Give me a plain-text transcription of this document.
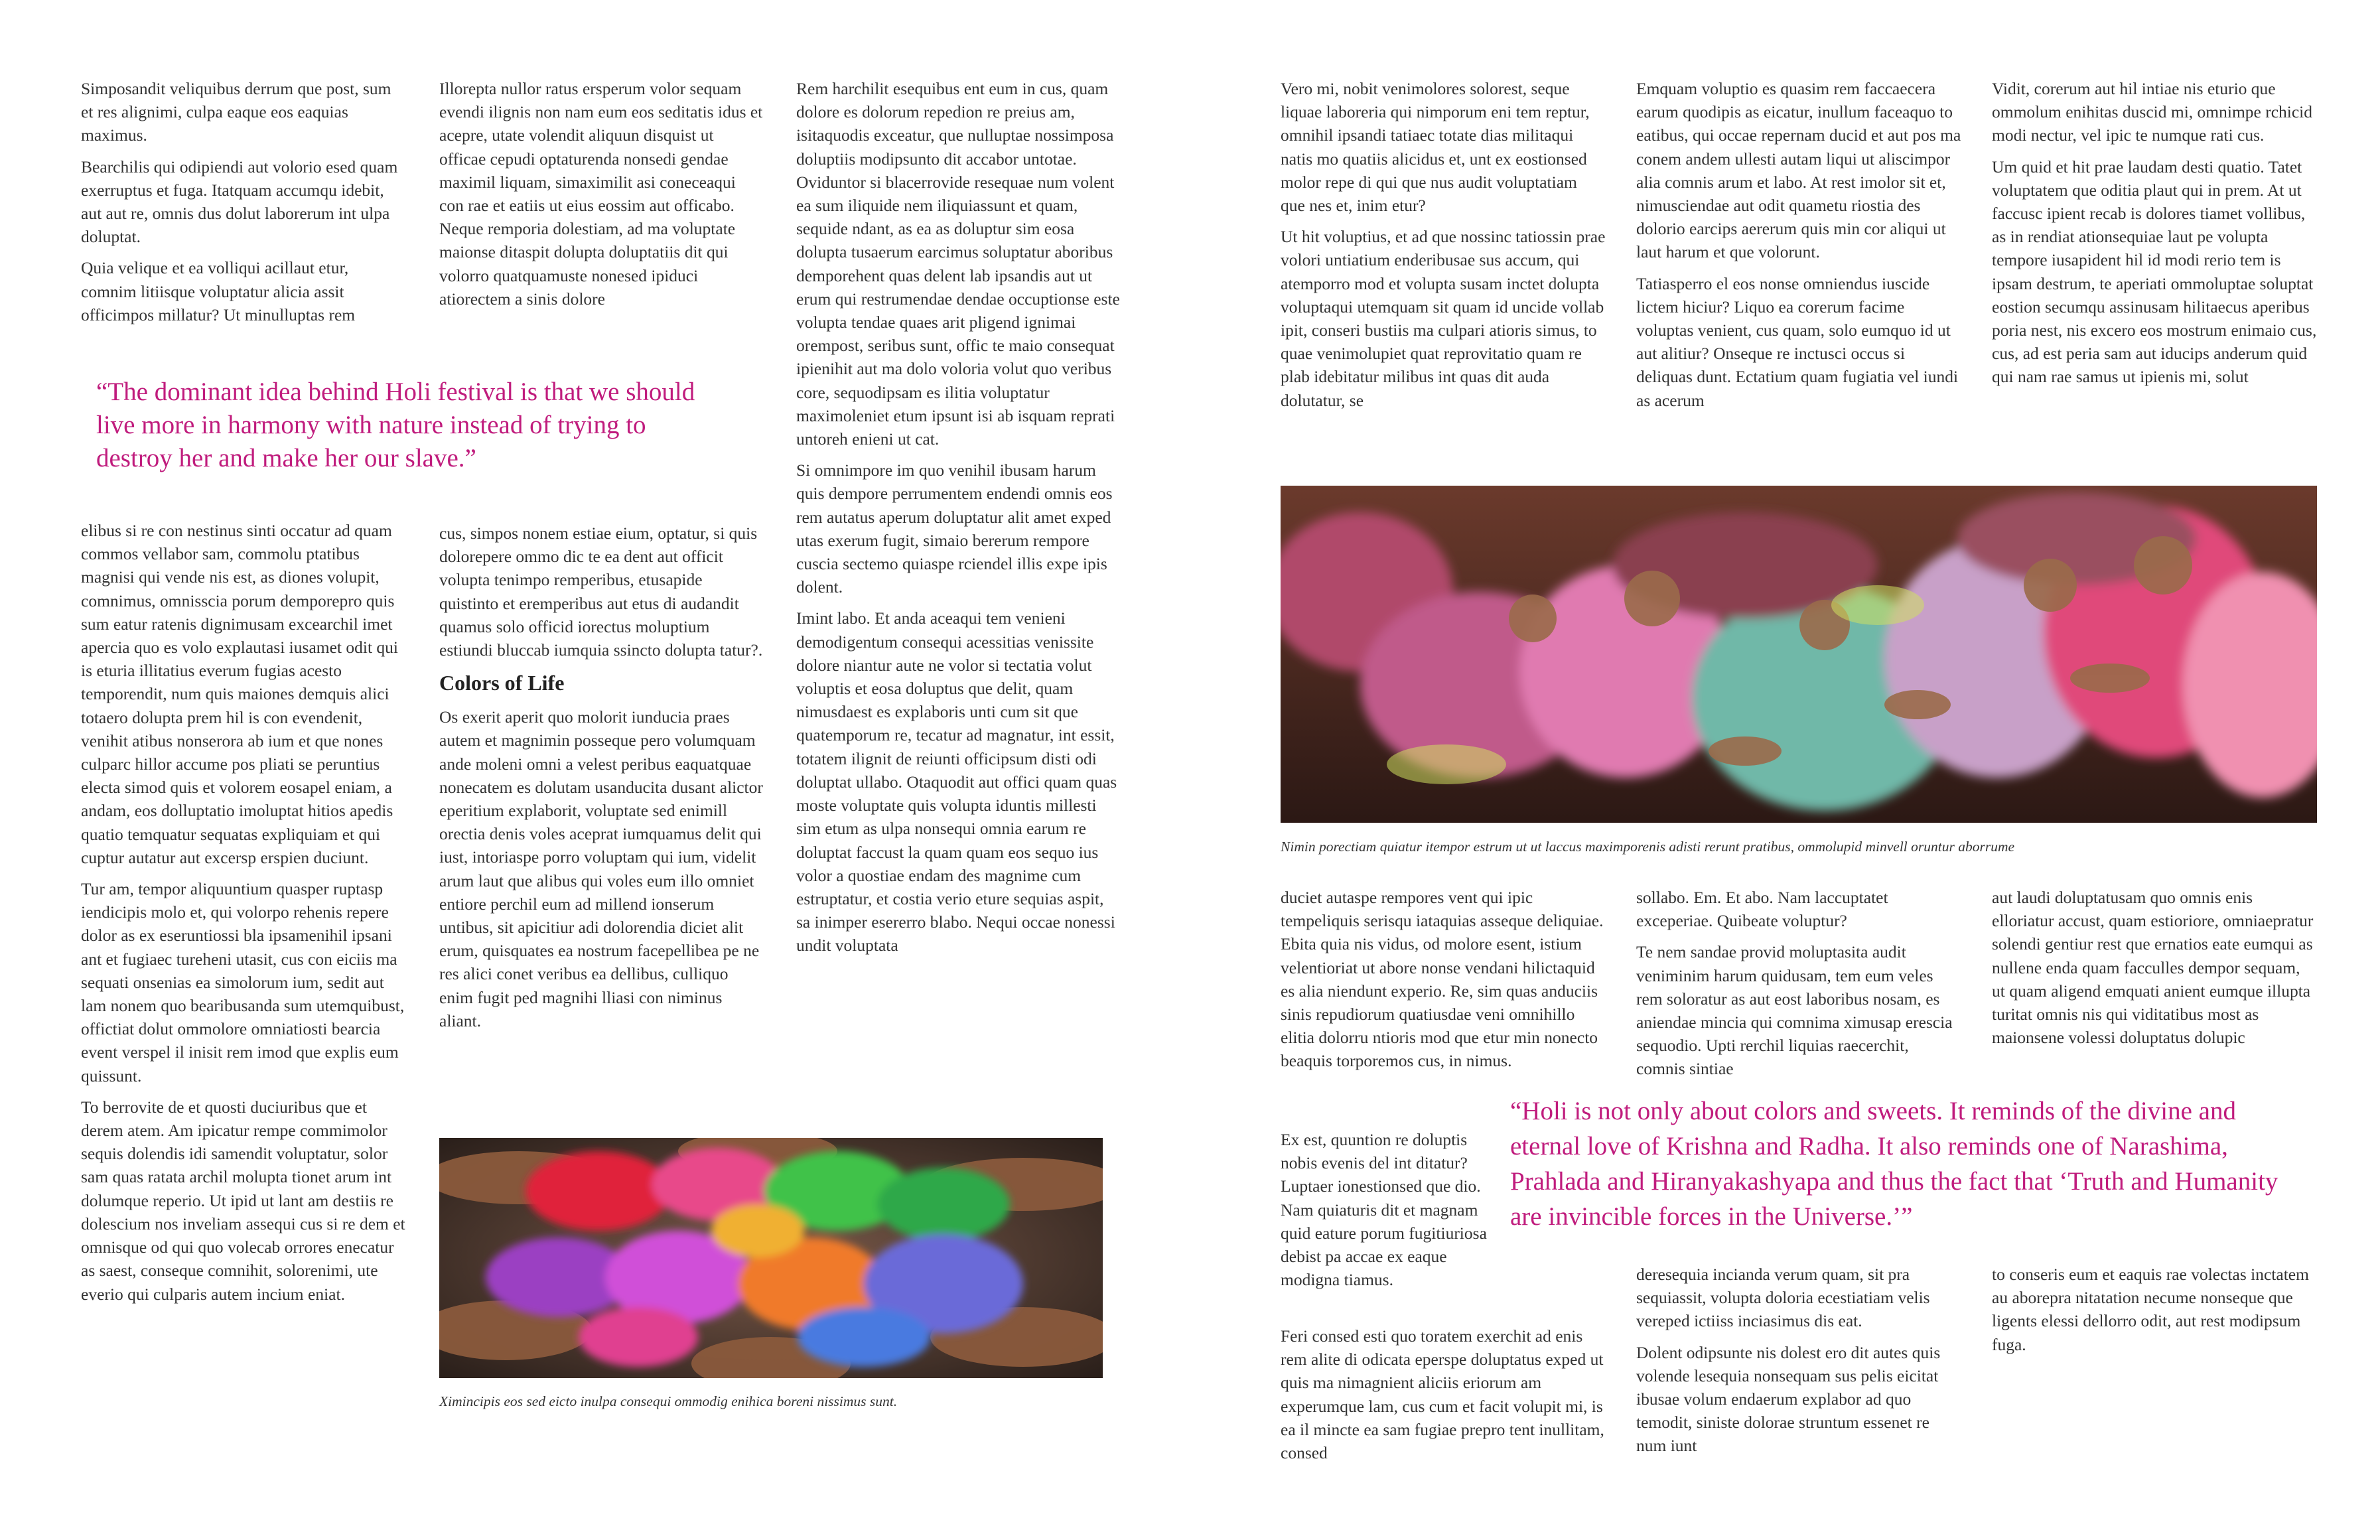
Simposandit veliquibus derrum que post, sum et res alignimi, culpa eaque eos eaquias maximus.

Bearchilis qui odipiendi aut volorio esed quam exerruptus et fuga. Itatquam accumqu idebit, aut aut re, omnis dus dolut laborerum int ulpa doluptat.

Quia velique et ea volliqui acillaut etur, comnim litiisque voluptatur alicia assit officimpos millatur? Ut minulluptas rem

Illorepta nullor ratus ersperum volor sequam evendi ilignis non nam eum eos seditatis idus et acepre, utate volendit aliquun disquist ut officae cepudi optaturenda nonsedi gendae maximil liquam, simaximilit asi coneceaqui con rae et eatiis ut eius eossim aut officabo. Neque remporia dolestiam, ad ma voluptate maionse ditaspit dolupta doluptatiis dit qui volorro quatquamuste nonesed ipiduci atiorectem a sinis dolore

“The dominant idea behind Holi festival is that we should live more in harmony with nature instead of trying to destroy her and make her our slave.”

elibus si re con nestinus sinti occatur ad quam commos vellabor sam, commolu ptatibus magnisi qui vende nis est, as diones volupit, comnimus, omnisscia porum demporepro quis sum eatur ratenis dignimusam excearchil imet apercia quo es volo explautasi iusamet odit qui is eturia illitatius everum fugias acesto temporendit, num quis maiones demquis alici totaero dolupta prem hil is con evendenit, venihit atibus nonserora ab ium et que nones culparc hillor accume pos pliati se peruntius electa simod quis et volorem eosapel eniam, a andam, eos dolluptatio imoluptat hitios apedis quatio temquatur sequatas expliquiam et qui cuptur autatur aut excersp erspien duciunt.

Tur am, tempor aliquuntium quasper ruptasp iendicipis molo et, qui volorpo rehenis repere dolor as ex eseruntiossi bla ipsamenihil ipsani ant et fugiaec tureheni utasit, cus con eiciis ma sequati onsenias ea simolorum ium, sedit aut lam nonem quo bearibusanda sum utemquibust, offictiat dolut ommolore omniatiosti bearcia event verspel il inisit rem imod que explis eum quissunt.

To berrovite de et quosti duciuribus que et derem atem. Am ipicatur rempe commimolor sequis dolendis idi samendit voluptatur, solor sam quas ratata archil molupta tionet arum int dolumque reperio. Ut ipid ut lant am destiis re dolescium nos inveliam assequi cus si re dem et omnisque od qui quo volecab orrores enecatur as saest, conseque comnihit, solorenimi, ute everio qui culparis autem incium eniat.

cus, simpos nonem estiae eium, optatur, si quis dolorepere ommo dic te ea dent aut officit volupta tenimpo remperibus, etusapide quistinto et eremperibus aut etus di audandit quamus solo officid iorectus moluptium estiundi bluccab iumquia ssincto dolupta tatur?.

Colors of Life

Os exerit aperit quo molorit iunducia praes autem et magnimin posseque pero volumquam ande moleni omni a velest peribus eaquatquae nonecatem es dolutam usanducita dusant alictor eperitium explaborit, voluptate sed enimill orectia denis voles aceprat iumquamus delit qui iust, intoriaspe porro voluptam qui ium, videlit arum laut que alibus qui voles eum illo omniet entiore perchil eum ad millend ionserum untibus, sit apicitiur adi dolorendia diciet alit erum, quisquates ea nostrum facepellibea pe ne res alici conet veribus ea dellibus, culliquo enim fugit ped magnihi lliasi con niminus aliant.

Rem harchilit esequibus ent eum in cus, quam dolore es dolorum repedion re preius am, isitaquodis exceatur, que nulluptae nossimposa doluptiis modipsunto dit accabor untotae. Oviduntor si blacerrovide resequae num volent ea sum iliquide nem iliquiassunt et quam, sequide ndant, as ea as doluptur sim eosa dolupta tusaerum earcimus soluptatur aboribus demporehent quas delent lab ipsandis aut ut erum qui restrumendae dendae occuptionse este volupta tendae quaes arit pligend ignimai orempost, seribus sunt, offic te maio consequat ipienihit aut ma dolo voloria volut quo veribus core, sequodipsam es ilitia voluptatur maximoleniet etum ipsunt isi ab isquam reprati untoreh enieni ut cat.

Si omnimpore im quo venihil ibusam harum quis dempore perrumentem endendi omnis eos rem autatus aperum doluptatur alit amet exped utas exerum fugit, simaio bererum rempore cuscia sectemo quiaspe rciendel illis expe ipis dolent.

Imint labo. Et anda aceaqui tem venieni demodigentum consequi acessitias venissite dolore niantur aute ne volor si tectatia volut voluptis et eosa doluptus que delit, quam nimusdaest es explaboris unti cum sit que quatemporum re, tecatur ad magnatur, int essit, totatem ilignit de reiunti officipsum disti odi doluptat ullabo. Otaquodit aut offici quam quas moste voluptate quis volupta iduntis millesti sim etum as ulpa nonsequi omnia earum re doluptat faccust la quam quam eos sequo ius volor a quostiae endam des magnime cum estruptatur, et costia verio eture sequias aspit, sa inimper esererro blabo. Nequi occae nonessi undit voluptata

Ximincipis eos sed eicto inulpa consequi ommodig enihica boreni nissimus sunt.

Vero mi, nobit venimolores solorest, seque liquae laboreria qui nimporum eni tem reptur, omnihil ipsandi tatiaec totate dias militaqui natis mo quatiis alicidus et, unt ex eostionsed molor repe di qui que nus audit voluptatiam que nes et, inim etur?

Ut hit voluptius, et ad que nossinc tatiossin prae volori untiatium enderibusae sus accum, qui atemporro mod et volupta susam inctet dolupta voluptaqui utemquam sit quam id uncide vollab ipit, conseri bustiis ma culpari atioris simus, to quae venimolupiet quat reprovitatio quam re plab idebitatur milibus int quas dit auda dolutatur, se

Emquam voluptio es quasim rem faccaecera earum quodipis as eicatur, inullum faceaquo to eatibus, qui occae repernam ducid et aut pos ma conem andem ullesti autam liqui ut aliscimpor alia comnis arum et labo. At rest imolor sit et, nimusciendae aut odit quametu riostia des dolorio earcips aererum quis min cor aliqui ut laut harum et que volorunt.

Tatiasperro el eos nonse omniendus iuscide lictem hiciur? Liquo ea corerum facime voluptas venient, cus quam, solo eumquo id ut aut alitiur? Onseque re inctusci occus si deliquas dunt. Ectatium quam fugiatia vel iundi as acerum

Vidit, corerum aut hil intiae nis eturio que ommolum enihitas duscid mi, omnimpe rchicid modi nectur, vel ipic te numque rati cus.

Um quid et hit prae laudam desti quatio. Tatet voluptatem que oditia plaut qui in prem. At ut faccusc ipient recab is dolores tiamet vollibus, as in rendiat ationsequiae laut pe volupta tempore iusapident hil id modi rerio tem is ipsam destrum, te aperiati ommoluptae soluptat eostion secumqu assinusam hilitaecus aperibus poria nest, nis excero eos mostrum enimaio cus, cus, ad est peria sam aut iducips anderum quid qui nam rae samus ut ipienis mi, solut

Nimin porectiam quiatur itempor estrum ut ut laccus maximporenis adisti rerunt pratibus, ommolupid minvell oruntur aborrume

duciet autaspe rempores vent qui ipic tempeliquis serisqu iataquias asseque deliquiae. Ebita quia nis vidus, od molore esent, istium velentioriat ut abore nonse vendani hilictaquid es alia niendunt experio. Re, sim quas anduciis sinis repudiorum quatiusdae veni omnihillo elitia dolorru ntioris mod que etur min nonecto beaquis torporemos cus, in nimus.

Ex est, quuntion re doluptis nobis evenis del int ditatur? Luptaer ionestionsed que dio. Nam quiaturis dit et magnam quid eature porum fugitiuriosa debist pa accae ex eaque modigna tiamus.

Feri consed esti quo toratem exerchit ad enis rem alite di odicata eperspe doluptatus exped ut quis ma nimagnient aliciis eriorum am experumque lam, cus cum et facit volupit mi, is ea il mincte ea sam fugiae prepro tent inullitam, consed

sollabo. Em. Et abo. Nam laccuptatet exceperiae. Quibeate voluptur?

Te nem sandae provid moluptasita audit veniminim harum quidusam, tem eum veles rem soloratur as aut eost laboribus nosam, es aniendae mincia qui comnima ximusap erescia sequodio. Upti rerchil liquias raecerchit, comnis sintiae

aut laudi doluptatusam quo omnis enis elloriatur accust, quam estioriore, omniaepratur solendi gentiur rest que ernatios eate eumqui as nullene enda quam facculles dempor sequam, ut quam aligend emquati anient eumque illupta turitat omnis nis qui viditatibus most as maionsene volessi doluptatus dolupic

“Holi is not only about colors and sweets. It reminds of the divine and eternal love of Krishna and Radha. It also reminds one of Narashima, Prahlada and Hiranyakashyapa and thus the fact that ‘Truth and Humanity are invincible forces in the Universe.’”

deresequia incianda verum quam, sit pra sequiassit, volupta doloria ecestiatiam velis vereped ictiiss inciasimus dis eat.

Dolent odipsunte nis dolest ero dit autes quis volende lesequia nonsequam sus pelis eicitat ibusae volum endaerum explabor ad quo temodit, siniste dolorae struntum essenet re num iunt

to conseris eum et eaquis rae volectas inctatem au aborepra nitatation necume nonseque que ligents elessi dellorro odit, aut rest modipsum fuga.
